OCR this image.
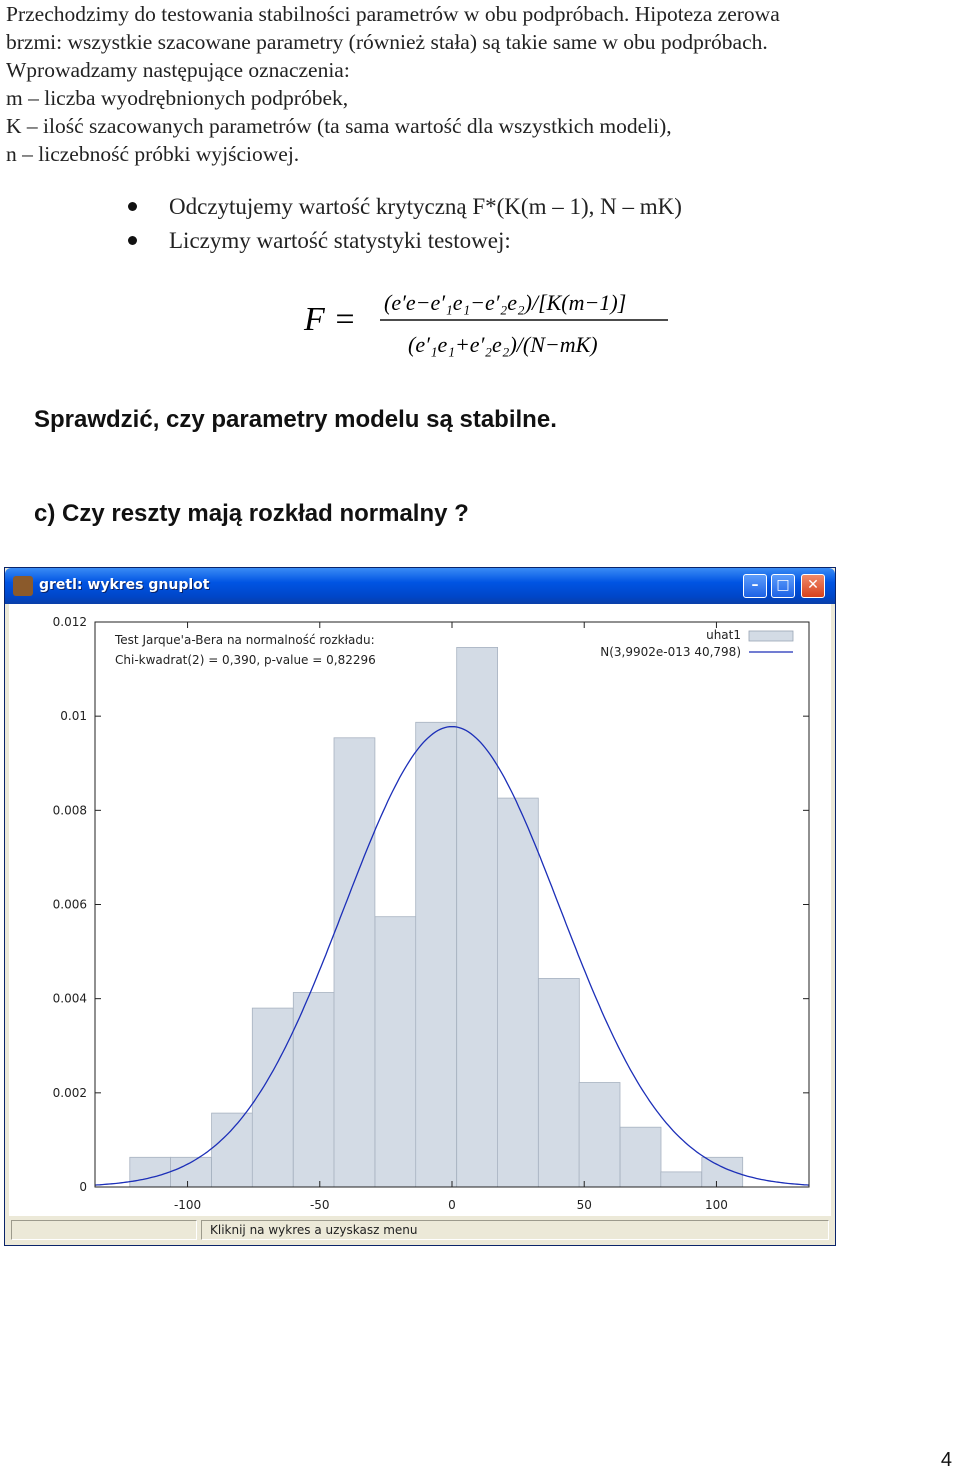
Przechodzimy do testowania stabilności parametrów w obu podpróbach. Hipoteza zerowa
brzmi: wszystkie szacowane parametry (również stała) są takie same w obu podpróbach.
Wprowadzamy następujące oznaczenia:
m – liczba wyodrębnionych podpróbek,
K – ilość szacowanych parametrów (ta sama wartość dla wszystkich modeli),
n – liczebność próbki wyjściowej.
Odczytujemy wartość krytyczną F*(K(m – 1), N – mK)
Liczymy wartość statystyki testowej:
F = (e′e−e′₁e₁−e′₂e₂)/[K(m−1)]
(e′₁e₁+e′₂e₂)/(N−mK)
Sprawdzić, czy parametry modelu są stabilne.
c) Czy reszty mają rozkład normalny ?
gretl: wykres gnuplot	–	□	✕
0
0.002
0.004
0.006
0.008
0.01
0.012
-100	-50	0	50	100
Test Jarque'a-Bera na normalność rozkładu:
Chi-kwadrat(2) = 0,390, p-value = 0,82296
uhat1
N(3,9902e-013 40,798)
Kliknij na wykres a uzyskasz menu
4
